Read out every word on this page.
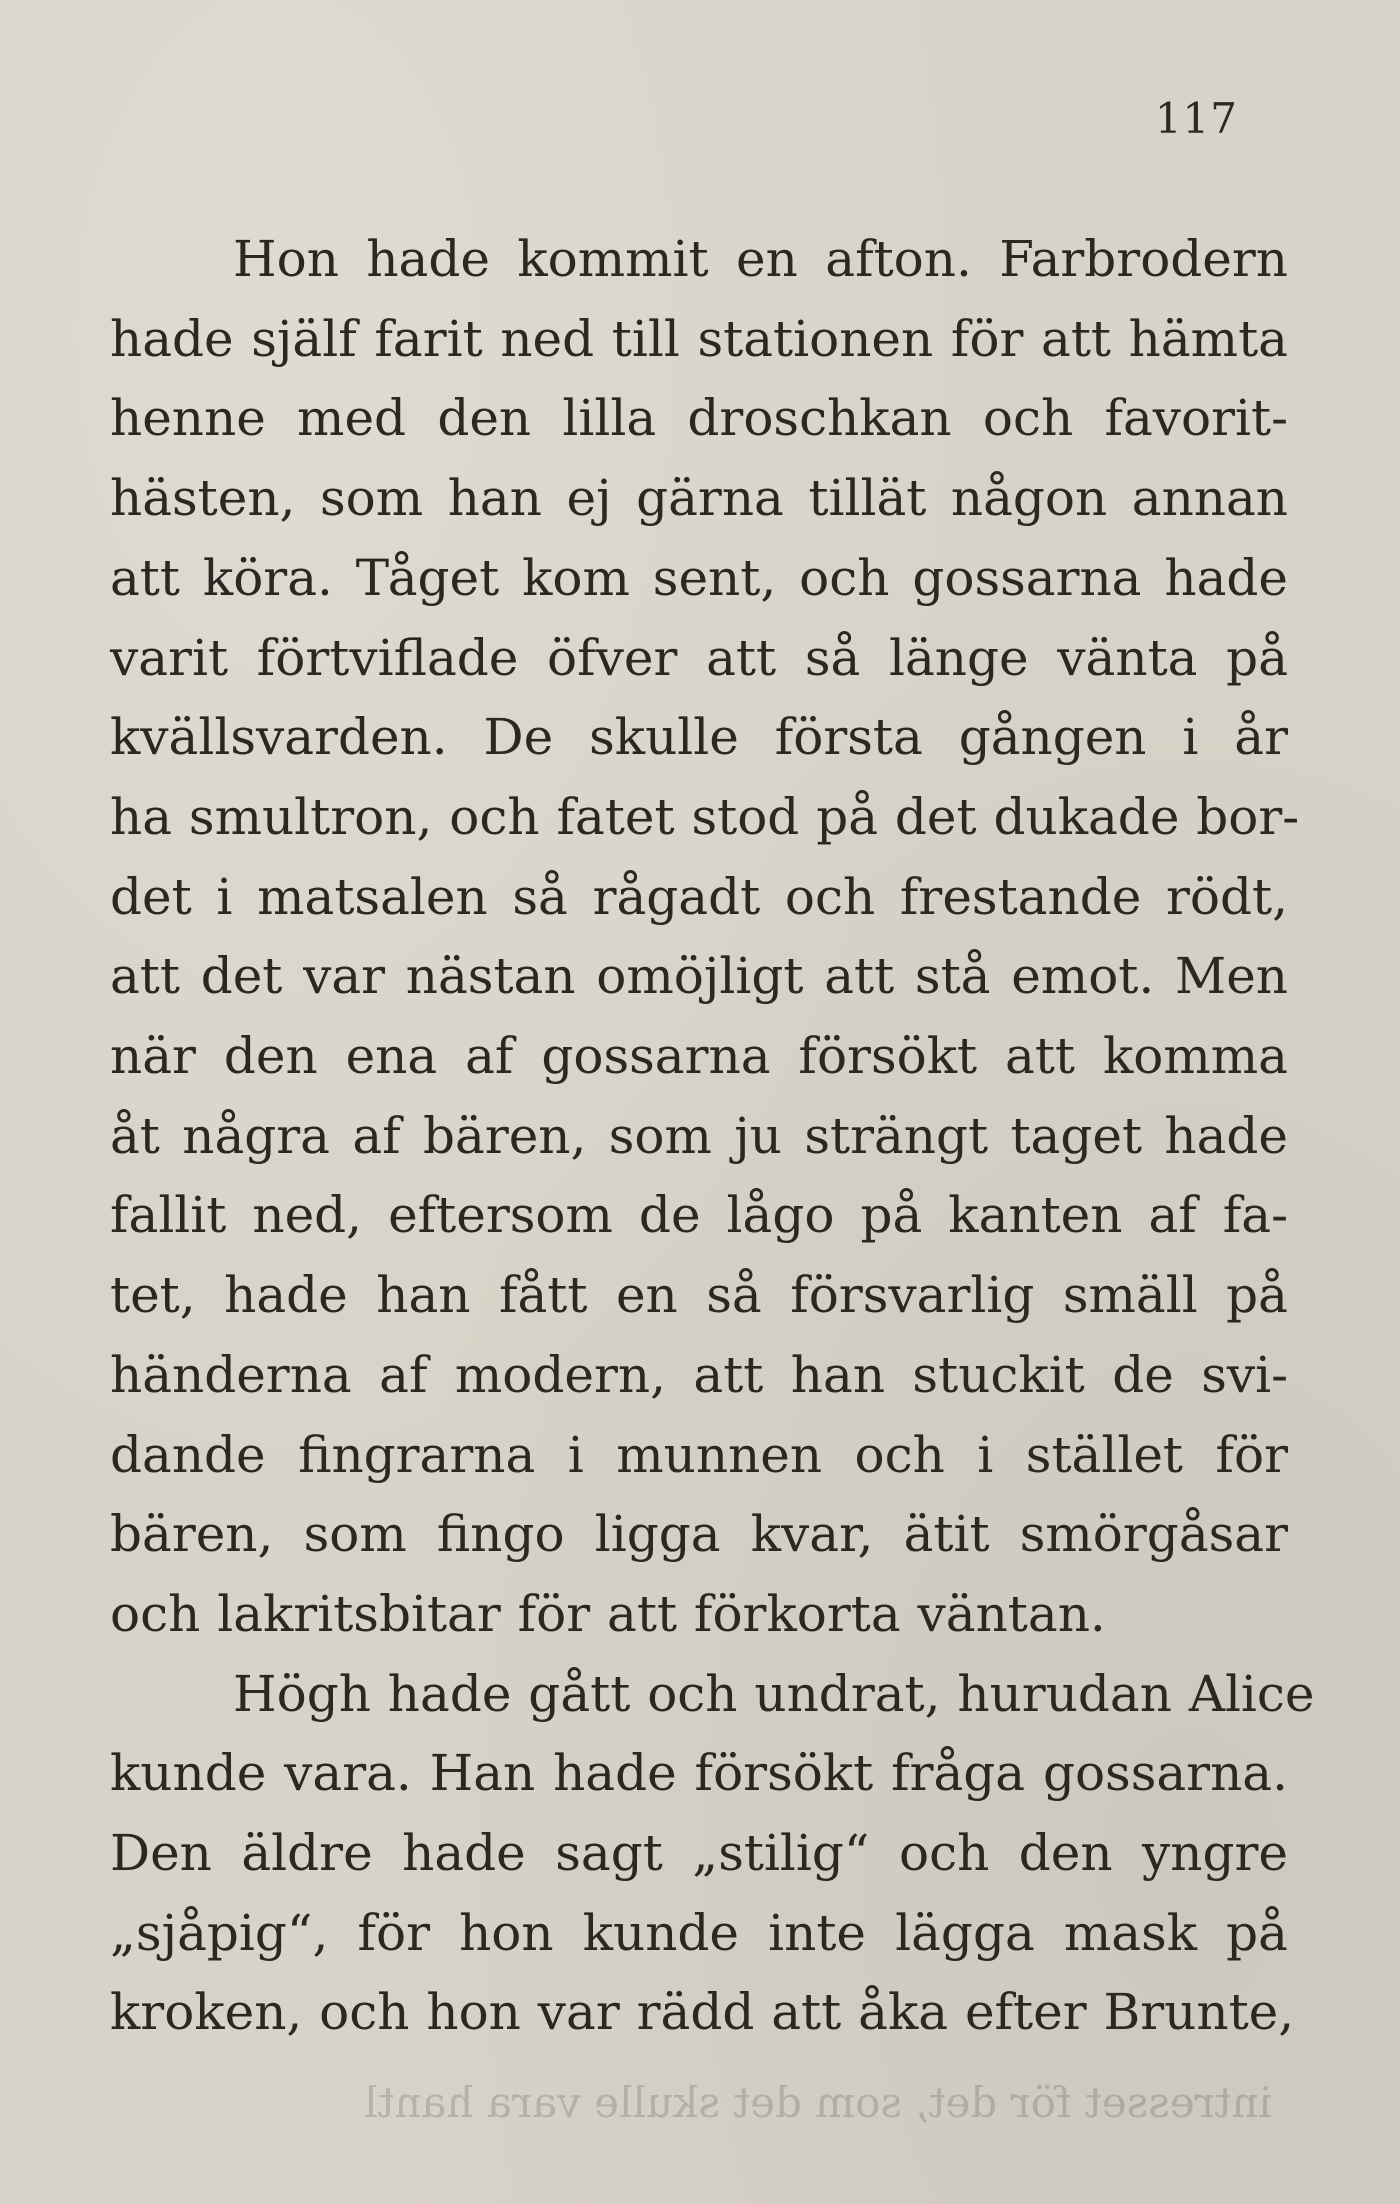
117
Hon hade kommit en afton. Farbrodern
hade själf farit ned till stationen för att hämta
henne med den lilla droschkan och favorit-
hästen, som han ej gärna tillät någon annan
att köra. Tåget kom sent, och gossarna hade
varit förtviflade öfver att så länge vänta på
kvällsvarden. De skulle första gången i år
ha smultron, och fatet stod på det dukade bor-
det i matsalen så rågadt och frestande rödt,
att det var nästan omöjligt att stå emot. Men
när den ena af gossarna försökt att komma
åt några af bären, som ju strängt taget hade
fallit ned, eftersom de lågo på kanten af fa-
tet, hade han fått en så försvarlig smäll på
händerna af modern, att han stuckit de svi-
dande fingrarna i munnen och i stället för
bären, som fingo ligga kvar, ätit smörgåsar
och lakritsbitar för att förkorta väntan.
Högh hade gått och undrat, hurudan Alice
kunde vara. Han hade försökt fråga gossarna.
Den äldre hade sagt „stilig“ och den yngre
„sjåpig“, för hon kunde inte lägga mask på
kroken, och hon var rädd att åka efter Brunte,
intresset för det, som det skulle vara hantl
